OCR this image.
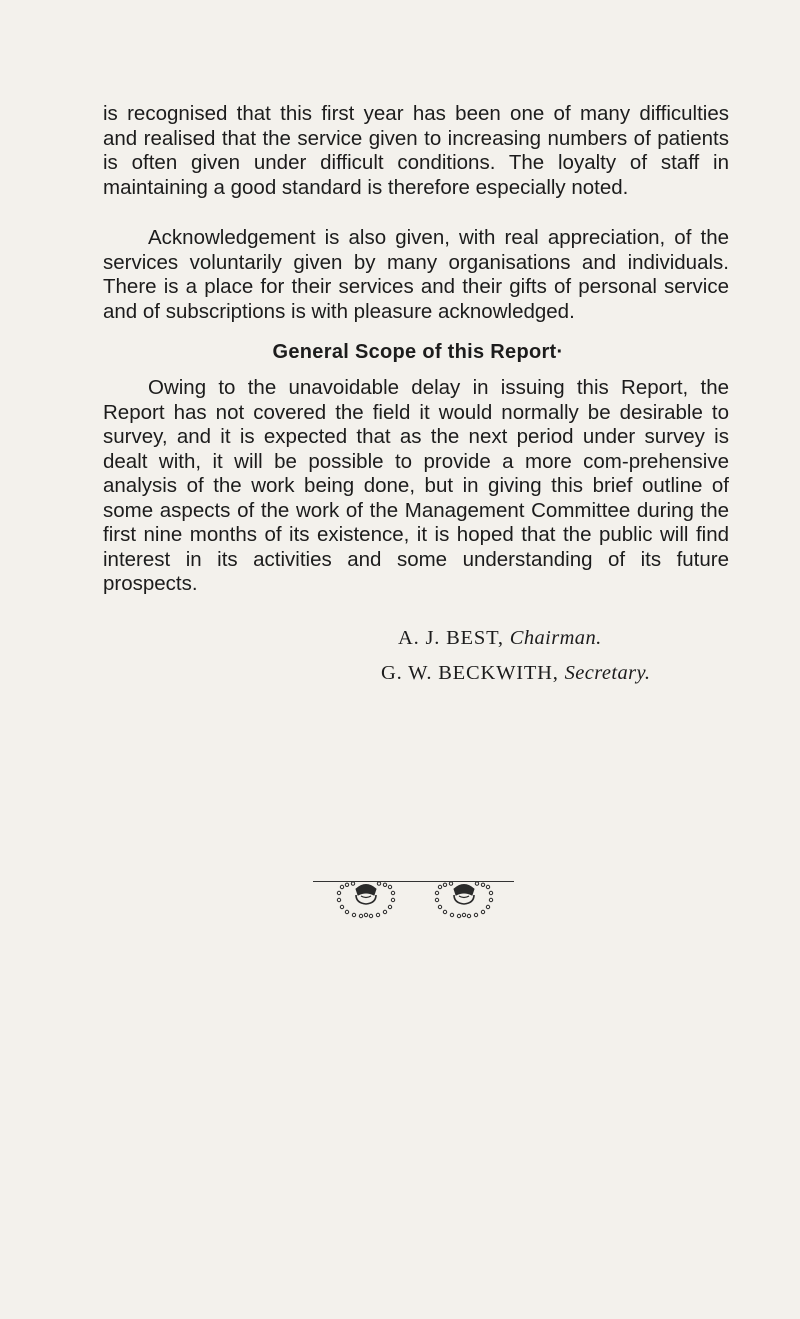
is recognised that this first year has been one of many difficulties and realised that the service given to increasing numbers of patients is often given under difficult conditions. The loyalty of staff in maintaining a good standard is therefore especially noted.

Acknowledgement is also given, with real appreciation, of the services voluntarily given by many organisations and individuals. There is a place for their services and their gifts of personal service and of subscriptions is with pleasure acknowledged.

General Scope of this Report·

Owing to the unavoidable delay in issuing this Report, the Report has not covered the field it would normally be desirable to survey, and it is expected that as the next period under survey is dealt with, it will be possible to provide a more com-prehensive analysis of the work being done, but in giving this brief outline of some aspects of the work of the Management Committee during the first nine months of its existence, it is hoped that the public will find interest in its activities and some understanding of its future prospects.

A. J. BEST, Chairman.
G. W. BECKWITH, Secretary.
